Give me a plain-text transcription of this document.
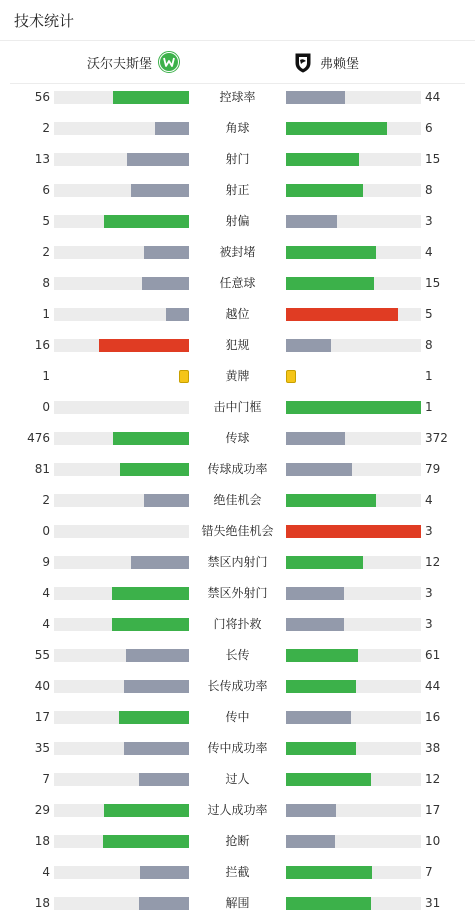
技术统计
沃尔夫斯堡	弗赖堡
56	控球率	44
2	角球	6
13	射门	15
6	射正	8
5	射偏	3
2	被封堵	4
8	任意球	15
1	越位	5
16	犯规	8
1	黄牌	1
0	击中门框	1
476	传球	372
81	传球成功率	79
2	绝佳机会	4
0	错失绝佳机会	3
9	禁区内射门	12
4	禁区外射门	3
4	门将扑救	3
55	长传	61
40	长传成功率	44
17	传中	16
35	传中成功率	38
7	过人	12
29	过人成功率	17
18	抢断	10
4	拦截	7
18	解围	31
